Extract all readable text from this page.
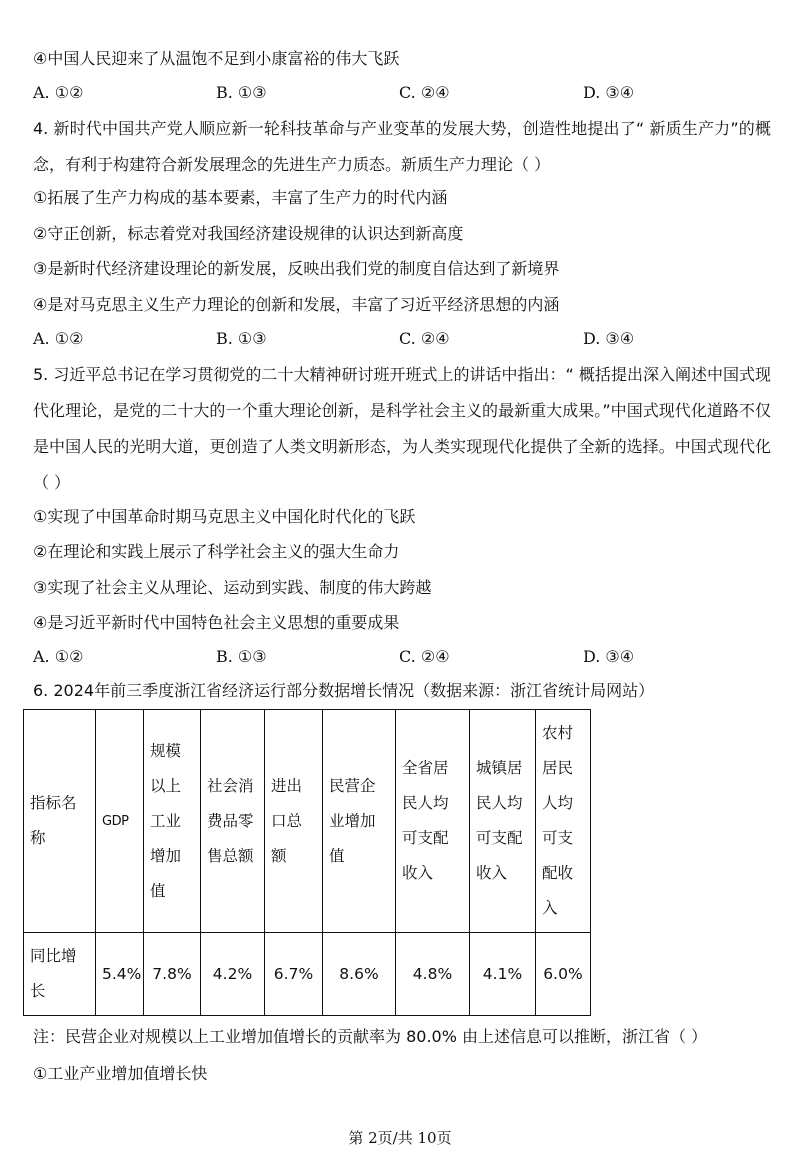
④中国人民迎来了从温饱不足到小康富裕的伟大飞跃
A. ①②	B. ①③	C. ②④	D. ③④
4. 新时代中国共产党人顺应新一轮科技革命与产业变革的发展大势，创造性地提出了“ 新质生产力”的概念，有利于构建符合新发展理念的先进生产力质态。新质生产力理论（ ）
①拓展了生产力构成的基本要素，丰富了生产力的时代内涵
②守正创新，标志着党对我国经济建设规律的认识达到新高度
③是新时代经济建设理论的新发展，反映出我们党的制度自信达到了新境界
④是对马克思主义生产力理论的创新和发展，丰富了习近平经济思想的内涵
A. ①②	B. ①③	C. ②④	D. ③④
5. 习近平总书记在学习贯彻党的二十大精神研讨班开班式上的讲话中指出：“ 概括提出深入阐述中国式现代化理论，是党的二十大的一个重大理论创新，是科学社会主义的最新重大成果。”中国式现代化道路不仅是中国人民的光明大道，更创造了人类文明新形态，为人类实现现代化提供了全新的选择。中国式现代化（ ）
①实现了中国革命时期马克思主义中国化时代化的飞跃
②在理论和实践上展示了科学社会主义的强大生命力
③实现了社会主义从理论、运动到实践、制度的伟大跨越
④是习近平新时代中国特色社会主义思想的重要成果
A. ①②	B. ①③	C. ②④	D. ③④
6. 2024年前三季度浙江省经济运行部分数据增长情况（数据来源：浙江省统计局网站）
指标名称	GDP	规模以上工业增加值	社会消费品零售总额	进出口总额	民营企业增加值	全省居民人均可支配收入	城镇居民人均可支配收入	农村居民人均可支配收入

同比增长	5.4%	7.8%	4.2%	6.7%	8.6%	4.8%	4.1%	6.0%
注：民营企业对规模以上工业增加值增长的贡献率为 80.0% 由上述信息可以推断，浙江省（ ）
①工业产业增加值增长快
第 2页/共 10页
